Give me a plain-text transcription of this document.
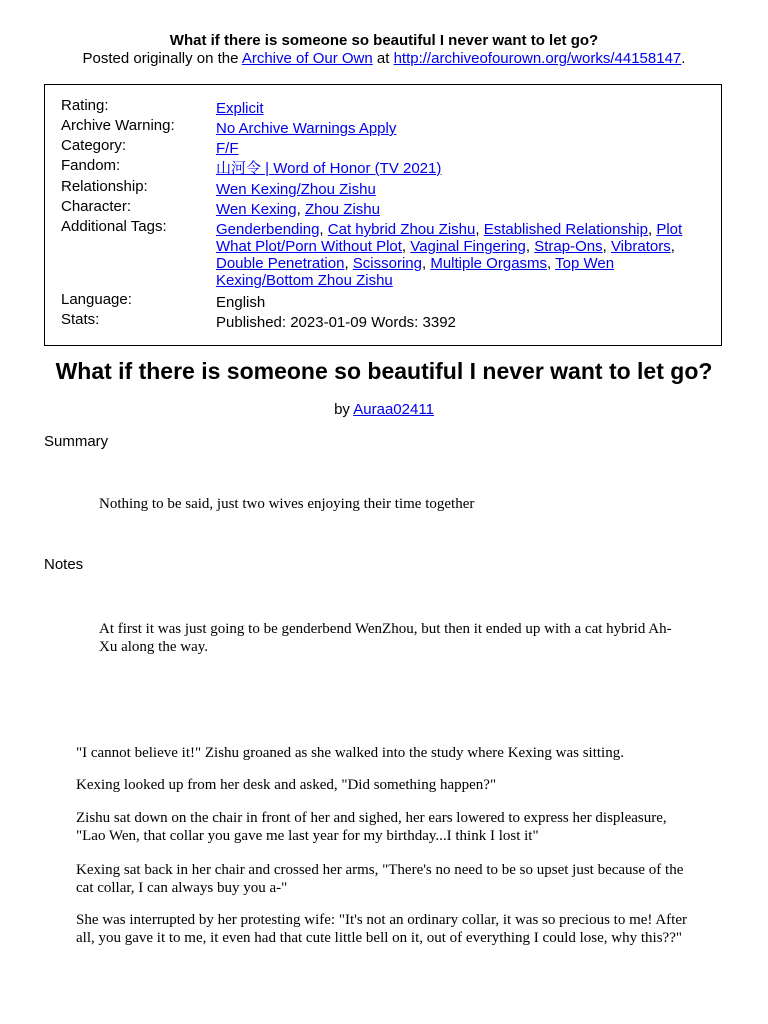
What if there is someone so beautiful I never want to let go?
Posted originally on the Archive of Our Own at http://archiveofourown.org/works/44158147.
Rating:	Explicit
Archive Warning:	No Archive Warnings Apply
Category:	F/F
Fandom:	山河令 | Word of Honor (TV 2021)
Relationship:	Wen Kexing/Zhou Zishu
Character:	Wen Kexing, Zhou Zishu
Additional Tags:	Genderbending, Cat hybrid Zhou Zishu, Established Relationship, Plot What Plot/Porn Without Plot, Vaginal Fingering, Strap-Ons, Vibrators, Double Penetration, Scissoring, Multiple Orgasms, Top Wen Kexing/Bottom Zhou Zishu
Language:	English
Stats:	Published: 2023-01-09 Words: 3392
What if there is someone so beautiful I never want to let go?
by Auraa02411
Summary
Nothing to be said, just two wives enjoying their time together
Notes
At first it was just going to be genderbend WenZhou, but then it ended up with a cat hybrid Ah-Xu along the way.
"I cannot believe it!" Zishu groaned as she walked into the study where Kexing was sitting.
Kexing looked up from her desk and asked, "Did something happen?"
Zishu sat down on the chair in front of her and sighed, her ears lowered to express her displeasure, "Lao Wen, that collar you gave me last year for my birthday...I think I lost it"
Kexing sat back in her chair and crossed her arms, "There's no need to be so upset just because of the cat collar, I can always buy you a-"
She was interrupted by her protesting wife: "It's not an ordinary collar, it was so precious to me! After all, you gave it to me, it even had that cute little bell on it, out of everything I could lose, why this??"
